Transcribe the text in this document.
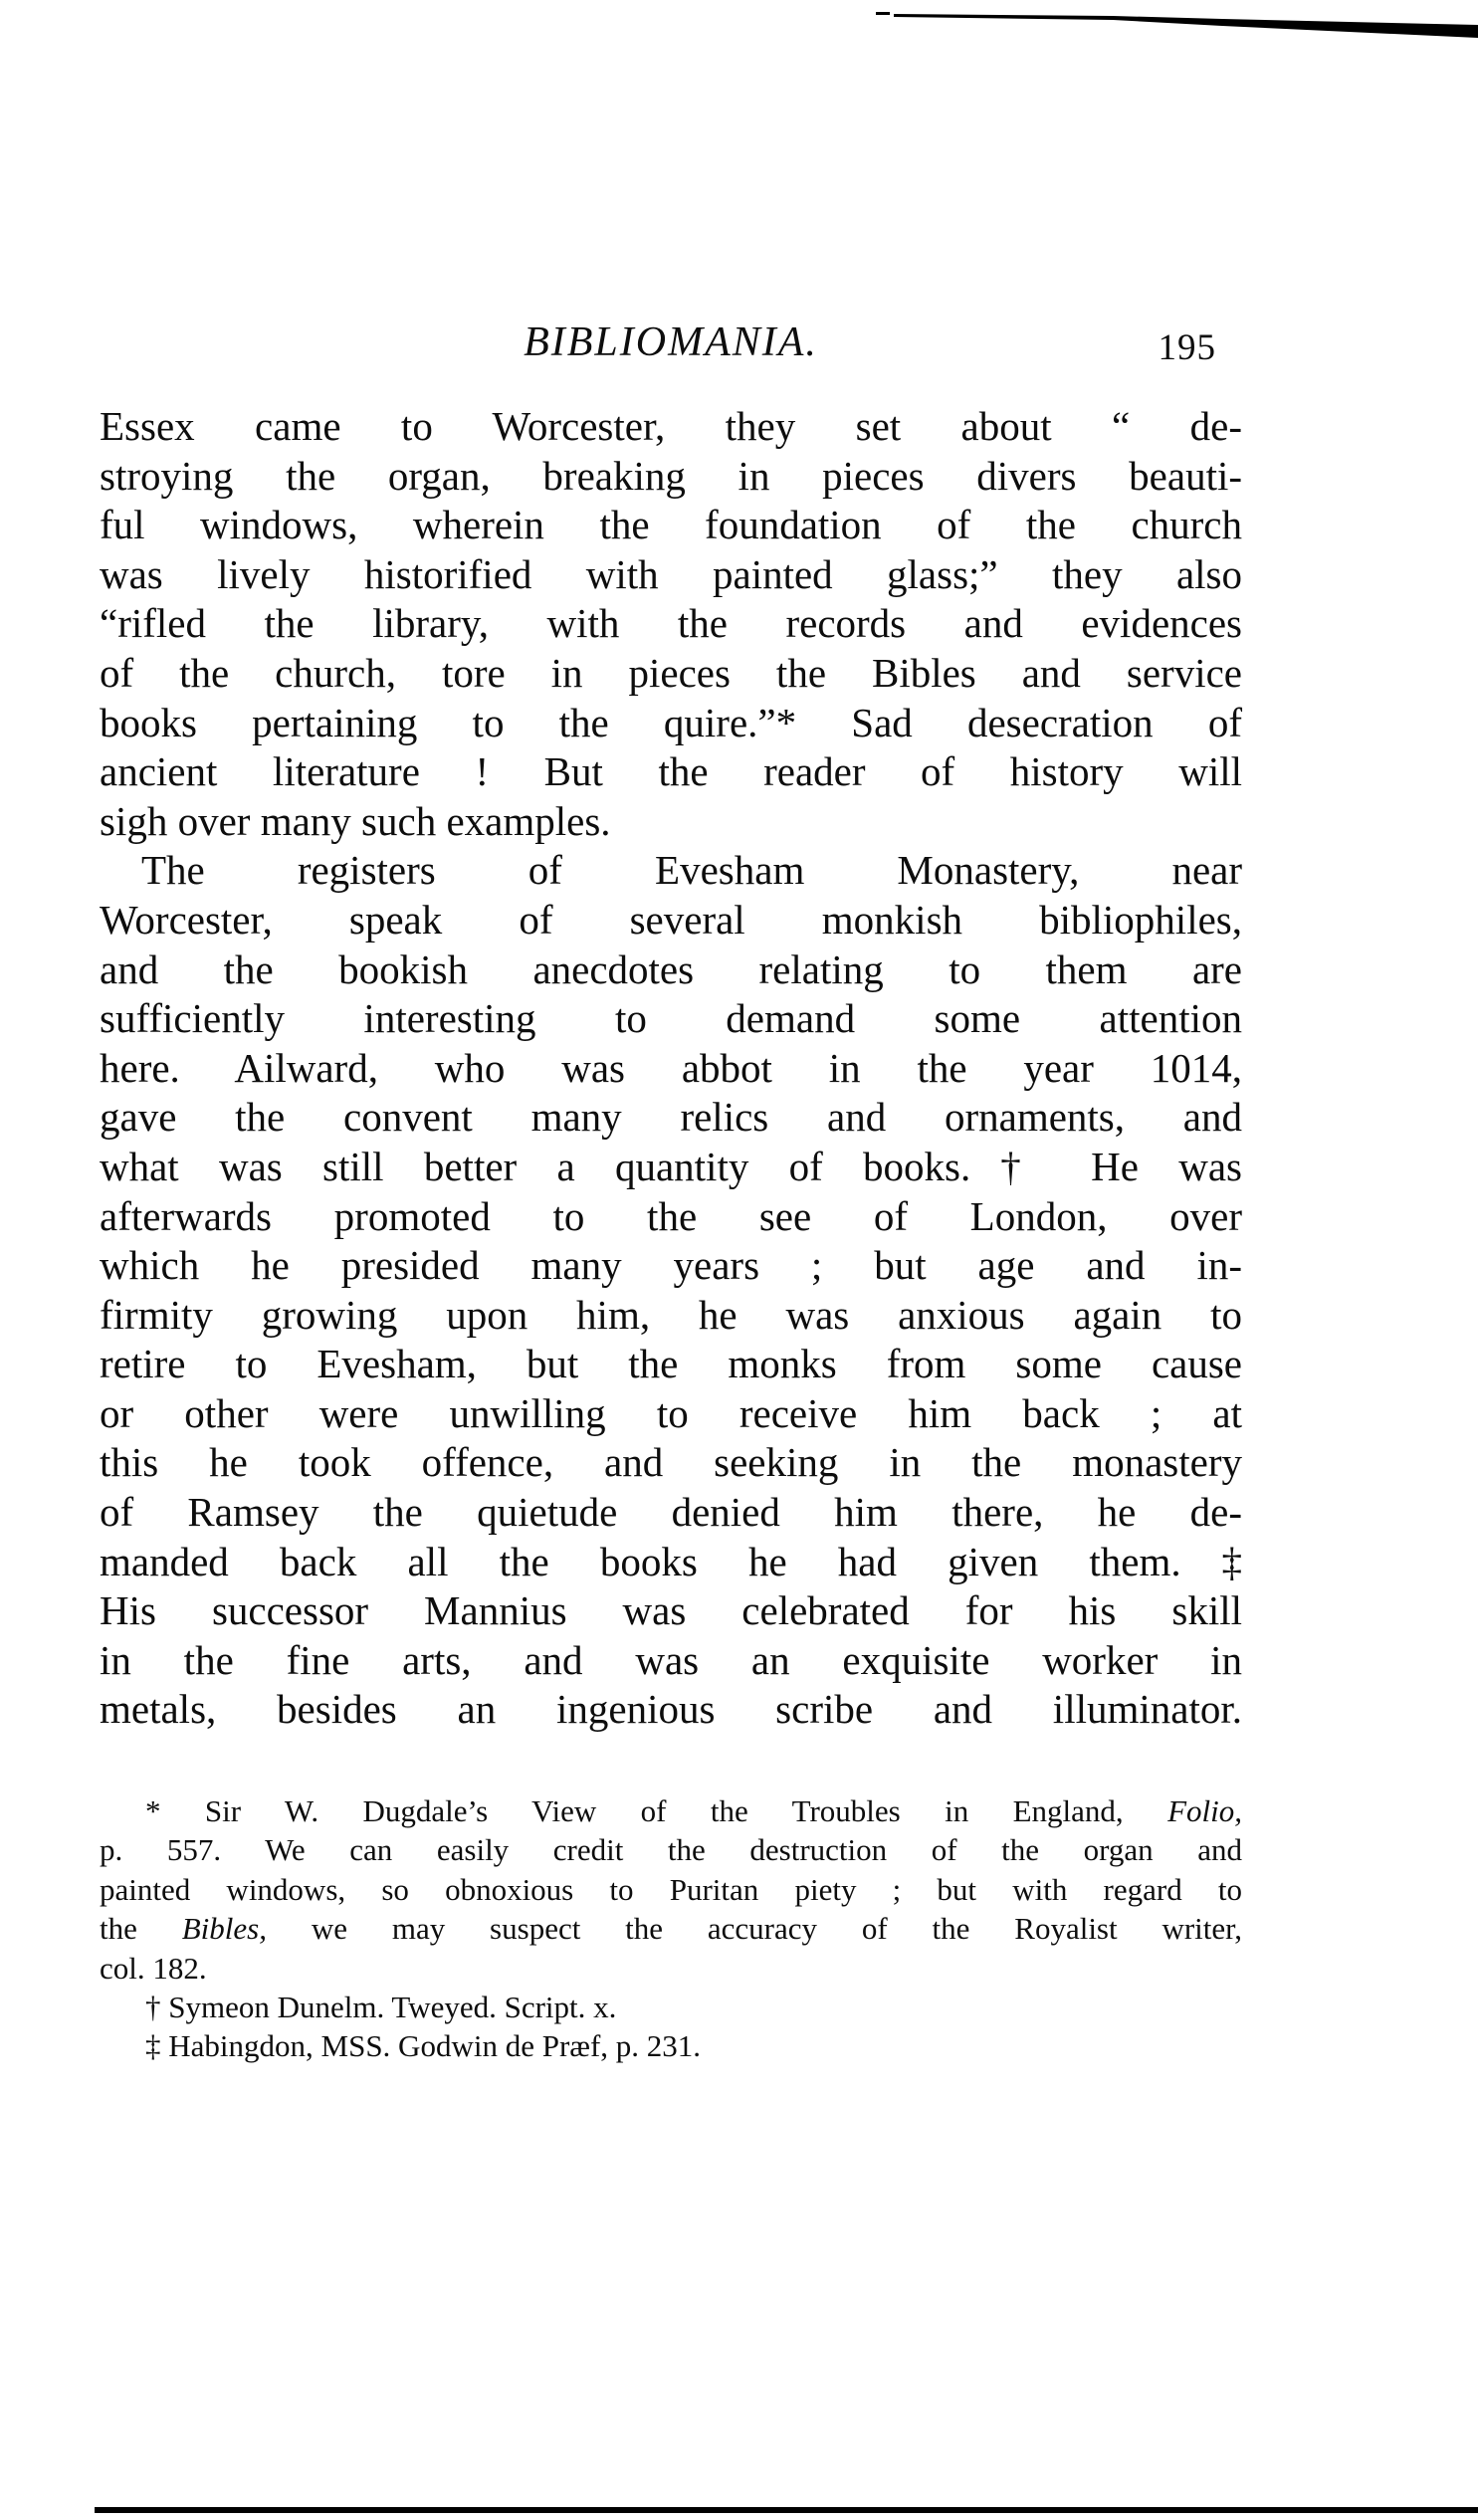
BIBLIOMANIA.	195
Essex came to Worcester, they set about “ de-
stroying the organ, breaking in pieces divers beauti-
ful windows, wherein the foundation of the church
was lively historified with painted glass;” they also
“rifled the library, with the records and evidences
of the church, tore in pieces the Bibles and service
books pertaining to the quire.”* Sad desecration of
ancient literature ! But the reader of history will
sigh over many such examples.
The registers of Evesham Monastery, near
Worcester, speak of several monkish bibliophiles,
and the bookish anecdotes relating to them are
sufficiently interesting to demand some attention
here. Ailward, who was abbot in the year 1014,
gave the convent many relics and ornaments, and
what was still better a quantity of books.† He was
afterwards promoted to the see of London, over
which he presided many years ; but age and in-
firmity growing upon him, he was anxious again to
retire to Evesham, but the monks from some cause
or other were unwilling to receive him back ; at
this he took offence, and seeking in the monastery
of Ramsey the quietude denied him there, he de-
manded back all the books he had given them.‡
His successor Mannius was celebrated for his skill
in the fine arts, and was an exquisite worker in
metals, besides an ingenious scribe and illuminator.
* Sir W. Dugdale’s View of the Troubles in England, Folio,
p. 557. We can easily credit the destruction of the organ and
painted windows, so obnoxious to Puritan piety ; but with regard to
the Bibles, we may suspect the accuracy of the Royalist writer,
col. 182.
† Symeon Dunelm. Tweyed. Script. x.
‡ Habingdon, MSS. Godwin de Præf, p. 231.
